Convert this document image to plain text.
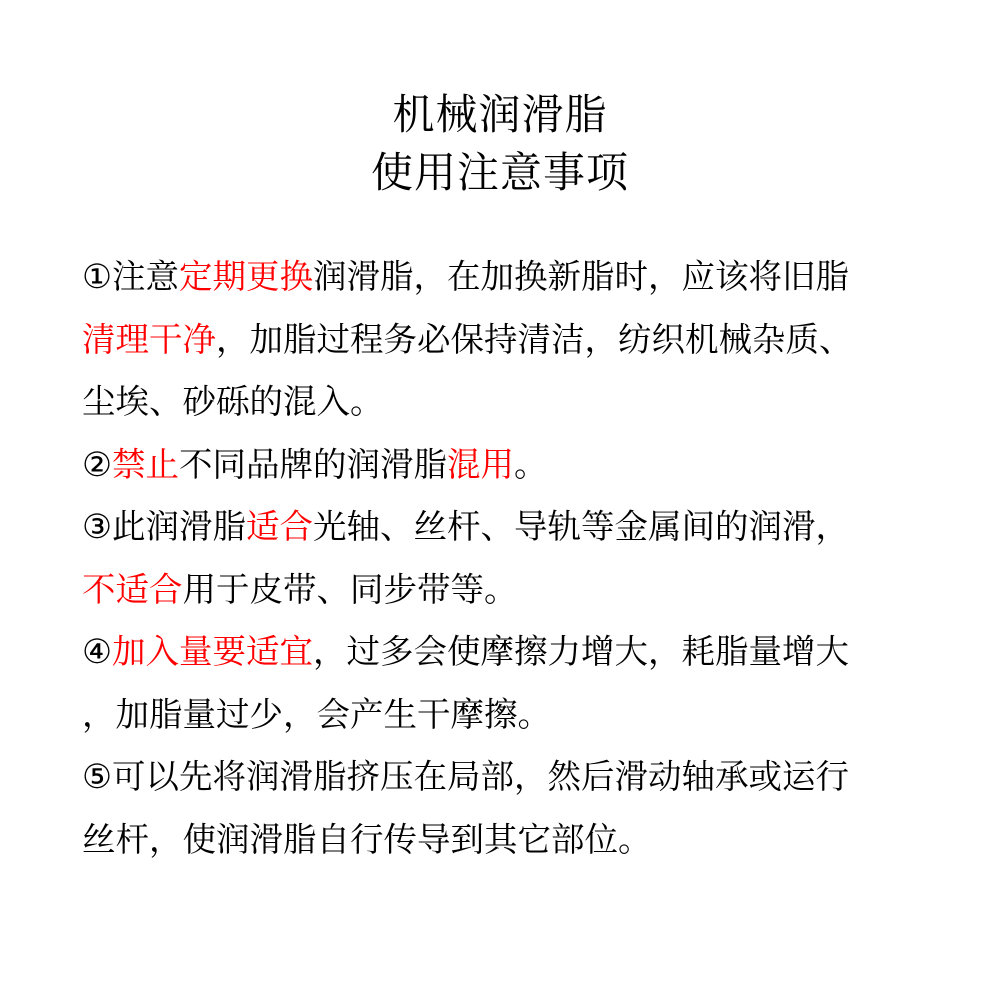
机械润滑脂
使用注意事项
①注意定期更换润滑脂，在加换新脂时，应该将旧脂
清理干净，加脂过程务必保持清洁，纺织机械杂质、
尘埃、砂砾的混入。
②禁止不同品牌的润滑脂混用。
③此润滑脂适合光轴、丝杆、导轨等金属间的润滑，
不适合用于皮带、同步带等。
④加入量要适宜，过多会使摩擦力增大，耗脂量增大
，加脂量过少，会产生干摩擦。
⑤可以先将润滑脂挤压在局部，然后滑动轴承或运行
丝杆，使润滑脂自行传导到其它部位。
